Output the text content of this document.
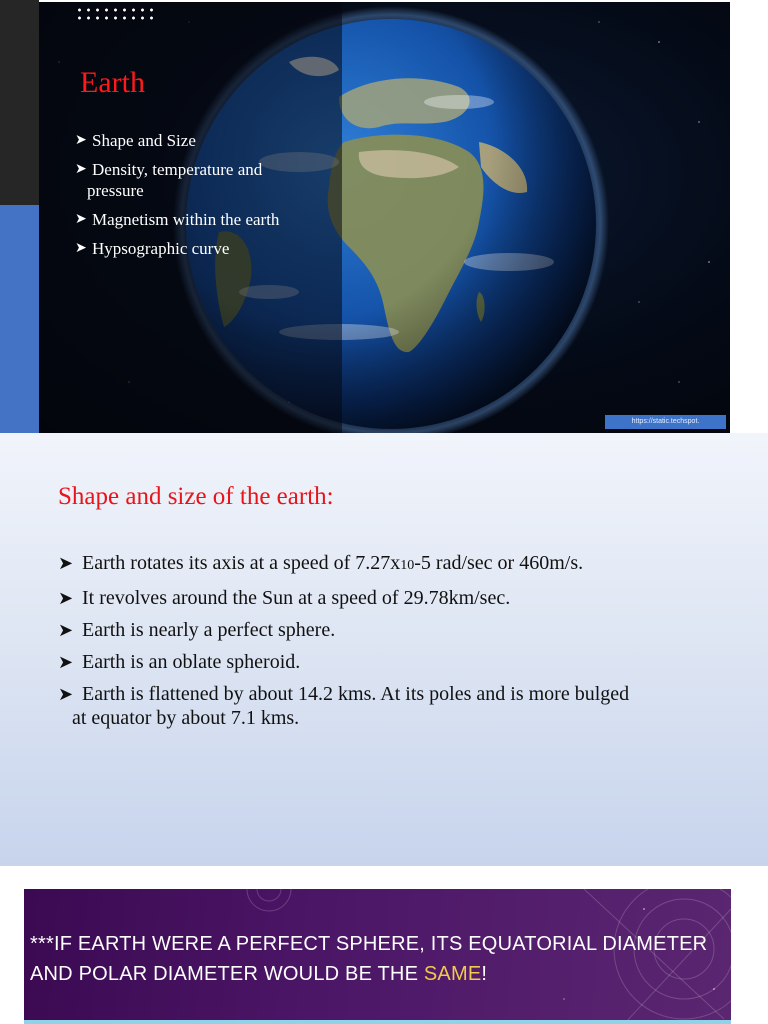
Earth
➤ Shape and Size
➤ Density, temperature and
pressure
➤ Magnetism within the earth
➤ Hypsographic curve
https://static.techspot.
Shape and size of the earth:
➤ Earth rotates its axis at a speed of 7.27x10-5 rad/sec or 460m/s.
➤ It revolves around the Sun at a speed of 29.78km/sec.
➤ Earth is nearly a perfect sphere.
➤ Earth is an oblate spheroid.
➤ Earth is flattened by about 14.2 kms. At its poles and is more bulged
at equator by about 7.1 kms.

***IF EARTH WERE A PERFECT SPHERE, ITS EQUATORIAL DIAMETER AND POLAR DIAMETER WOULD BE THE SAME!
